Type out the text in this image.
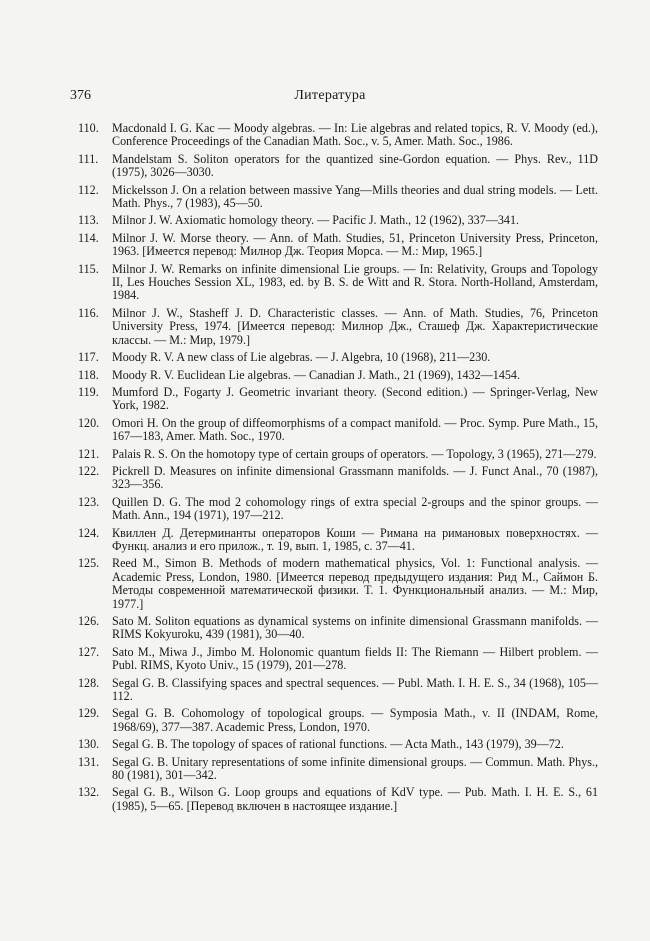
376	Литература
110.	Macdonald I. G. Kac — Moody algebras. — In: Lie algebras and related topics, R. V. Moody (ed.), Conference Proceedings of the Canadian Math. Soc., v. 5, Amer. Math. Soc., 1986.
111.	Mandelstam S. Soliton operators for the quantized sine-Gordon equation. — Phys. Rev., 11D (1975), 3026—3030.
112.	Mickelsson J. On a relation between massive Yang—Mills theories and dual string models. — Lett. Math. Phys., 7 (1983), 45—50.
113.	Milnor J. W. Axiomatic homology theory. — Pacific J. Math., 12 (1962), 337—341.
114.	Milnor J. W. Morse theory. — Ann. of Math. Studies, 51, Princeton University Press, Princeton, 1963. [Имеется перевод: Милнор Дж. Теория Морса. — М.: Мир, 1965.]
115.	Milnor J. W. Remarks on infinite dimensional Lie groups. — In: Relativity, Groups and Topology II, Les Houches Session XL, 1983, ed. by B. S. de Witt and R. Stora. North-Holland, Amsterdam, 1984.
116.	Milnor J. W., Stasheff J. D. Characteristic classes. — Ann. of Math. Studies, 76, Princeton University Press, 1974. [Имеется перевод: Милнор Дж., Сташеф Дж. Характеристические классы. — М.: Мир, 1979.]
117.	Moody R. V. A new class of Lie algebras. — J. Algebra, 10 (1968), 211—230.
118.	Moody R. V. Euclidean Lie algebras. — Canadian J. Math., 21 (1969), 1432—1454.
119.	Mumford D., Fogarty J. Geometric invariant theory. (Second edition.) — Springer-Verlag, New York, 1982.
120.	Omori H. On the group of diffeomorphisms of a compact manifold. — Proc. Symp. Pure Math., 15, 167—183, Amer. Math. Soc., 1970.
121.	Palais R. S. On the homotopy type of certain groups of operators. — Topology, 3 (1965), 271—279.
122.	Pickrell D. Measures on infinite dimensional Grassmann manifolds. — J. Funct Anal., 70 (1987), 323—356.
123.	Quillen D. G. The mod 2 cohomology rings of extra special 2-groups and the spinor groups. — Math. Ann., 194 (1971), 197—212.
124.	Квиллен Д. Детерминанты операторов Коши — Римана на римановых поверхностях. — Функц. анализ и его прилож., т. 19, вып. 1, 1985, с. 37—41.
125.	Reed M., Simon B. Methods of modern mathematical physics, Vol. 1: Functional analysis. — Academic Press, London, 1980. [Имеется перевод предыдущего издания: Рид М., Саймон Б. Методы современной математической физики. Т. 1. Функциональный анализ. — М.: Мир, 1977.]
126.	Sato M. Soliton equations as dynamical systems on infinite dimensional Grassmann manifolds. — RIMS Kokyuroku, 439 (1981), 30—40.
127.	Sato M., Miwa J., Jimbo M. Holonomic quantum fields II: The Riemann — Hilbert problem. — Publ. RIMS, Kyoto Univ., 15 (1979), 201—278.
128.	Segal G. B. Classifying spaces and spectral sequences. — Publ. Math. I. H. E. S., 34 (1968), 105—112.
129.	Segal G. B. Cohomology of topological groups. — Symposia Math., v. II (INDAM, Rome, 1968/69), 377—387. Academic Press, London, 1970.
130.	Segal G. B. The topology of spaces of rational functions. — Acta Math., 143 (1979), 39—72.
131.	Segal G. B. Unitary representations of some infinite dimensional groups. — Commun. Math. Phys., 80 (1981), 301—342.
132.	Segal G. B., Wilson G. Loop groups and equations of KdV type. — Pub. Math. I. H. E. S., 61 (1985), 5—65. [Перевод включен в настоящее издание.]
